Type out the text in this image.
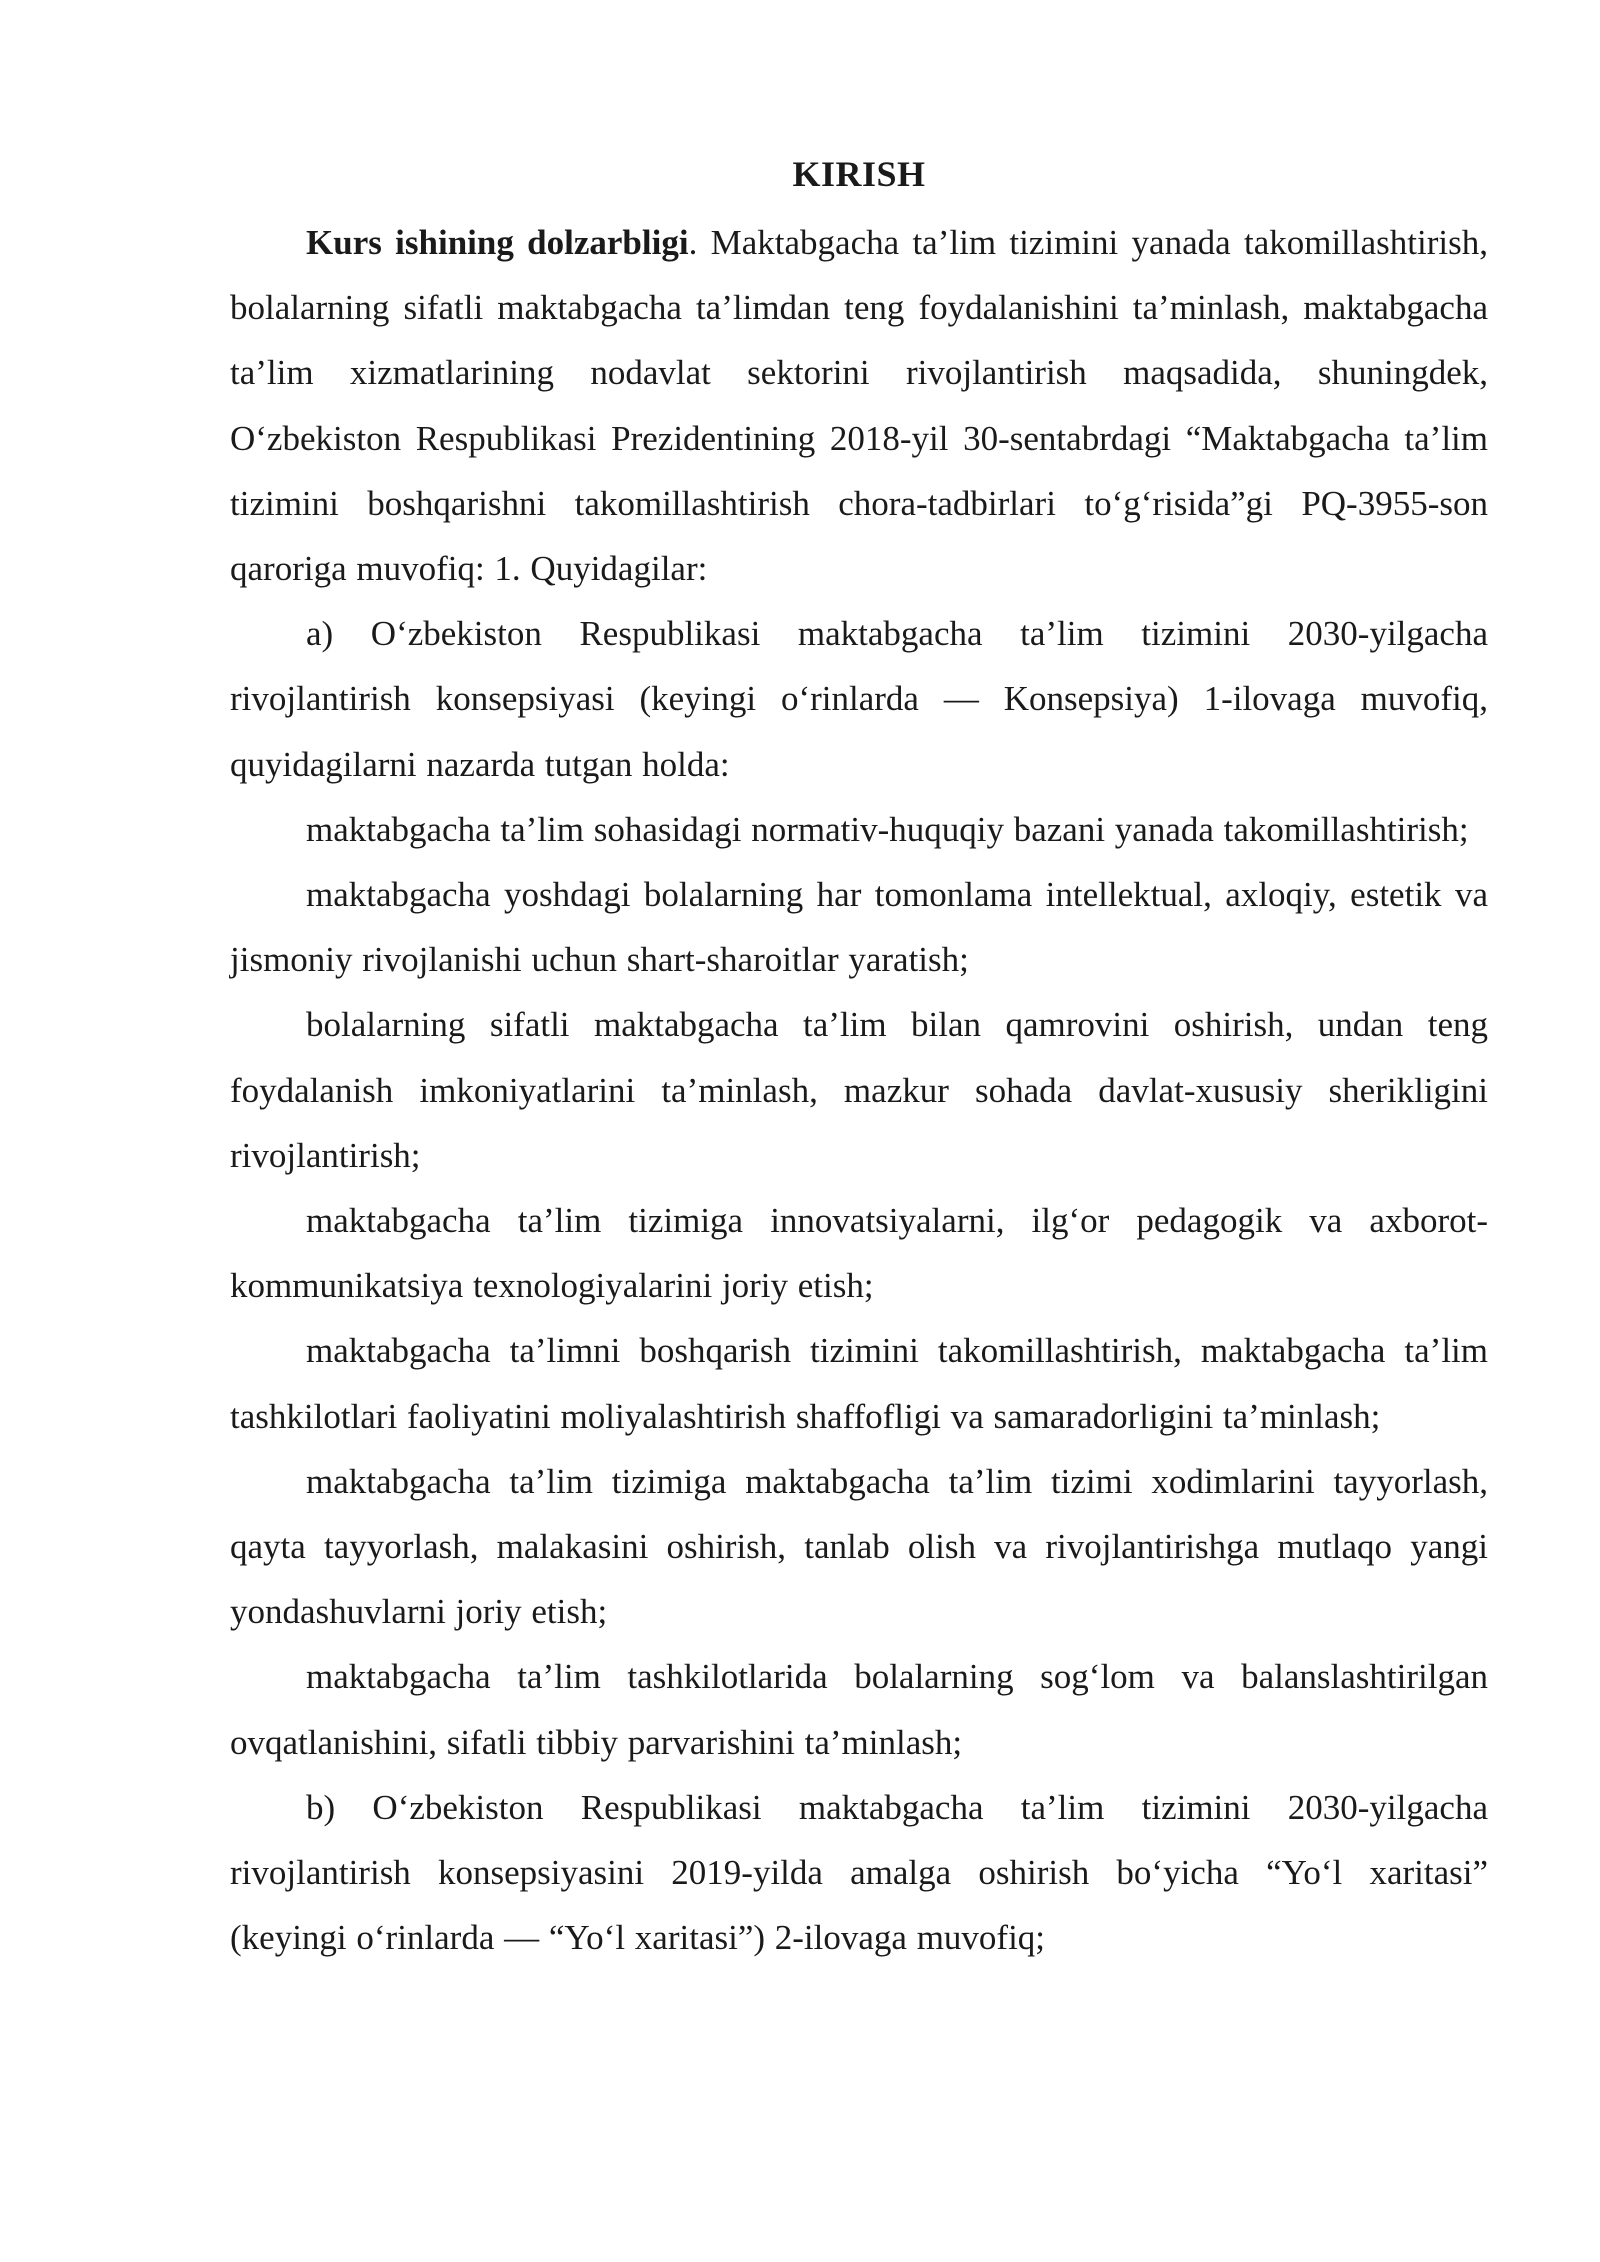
KIRISH

Kurs ishining dolzarbligi. Maktabgacha ta’lim tizimini yanada takomillashtirish, bolalarning sifatli maktabgacha ta’limdan teng foydalanishini ta’minlash, maktabgacha ta’lim xizmatlarining nodavlat sektorini rivojlantirish maqsadida, shuningdek, O‘zbekiston Respublikasi Prezidentining 2018-yil 30-sentabrdagi “Maktabgacha ta’lim tizimini boshqarishni takomillashtirish chora-tadbirlari to‘g‘risida”gi PQ-3955-son qaroriga muvofiq: 1. Quyidagilar:

a) O‘zbekiston Respublikasi maktabgacha ta’lim tizimini 2030-yilgacha rivojlantirish konsepsiyasi (keyingi o‘rinlarda — Konsepsiya) 1-ilovaga muvofiq, quyidagilarni nazarda tutgan holda:

maktabgacha ta’lim sohasidagi normativ-huquqiy bazani yanada takomillashtirish;

maktabgacha yoshdagi bolalarning har tomonlama intellektual, axloqiy, estetik va jismoniy rivojlanishi uchun shart-sharoitlar yaratish;

bolalarning sifatli maktabgacha ta’lim bilan qamrovini oshirish, undan teng foydalanish imkoniyatlarini ta’minlash, mazkur sohada davlat-xususiy sherikligini rivojlantirish;

maktabgacha ta’lim tizimiga innovatsiyalarni, ilg‘or pedagogik va axborot-kommunikatsiya texnologiyalarini joriy etish;

maktabgacha ta’limni boshqarish tizimini takomillashtirish, maktabgacha ta’lim tashkilotlari faoliyatini moliyalashtirish shaffofligi va samaradorligini ta’minlash;

maktabgacha ta’lim tizimiga maktabgacha ta’lim tizimi xodimlarini tayyorlash, qayta tayyorlash, malakasini oshirish, tanlab olish va rivojlantirishga mutlaqo yangi yondashuvlarni joriy etish;

maktabgacha ta’lim tashkilotlarida bolalarning sog‘lom va balanslashtirilgan ovqatlanishini, sifatli tibbiy parvarishini ta’minlash;

b) O‘zbekiston Respublikasi maktabgacha ta’lim tizimini 2030-yilgacha rivojlantirish konsepsiyasini 2019-yilda amalga oshirish bo‘yicha “Yo‘l xaritasi” (keyingi o‘rinlarda — “Yo‘l xaritasi”) 2-ilovaga muvofiq;
